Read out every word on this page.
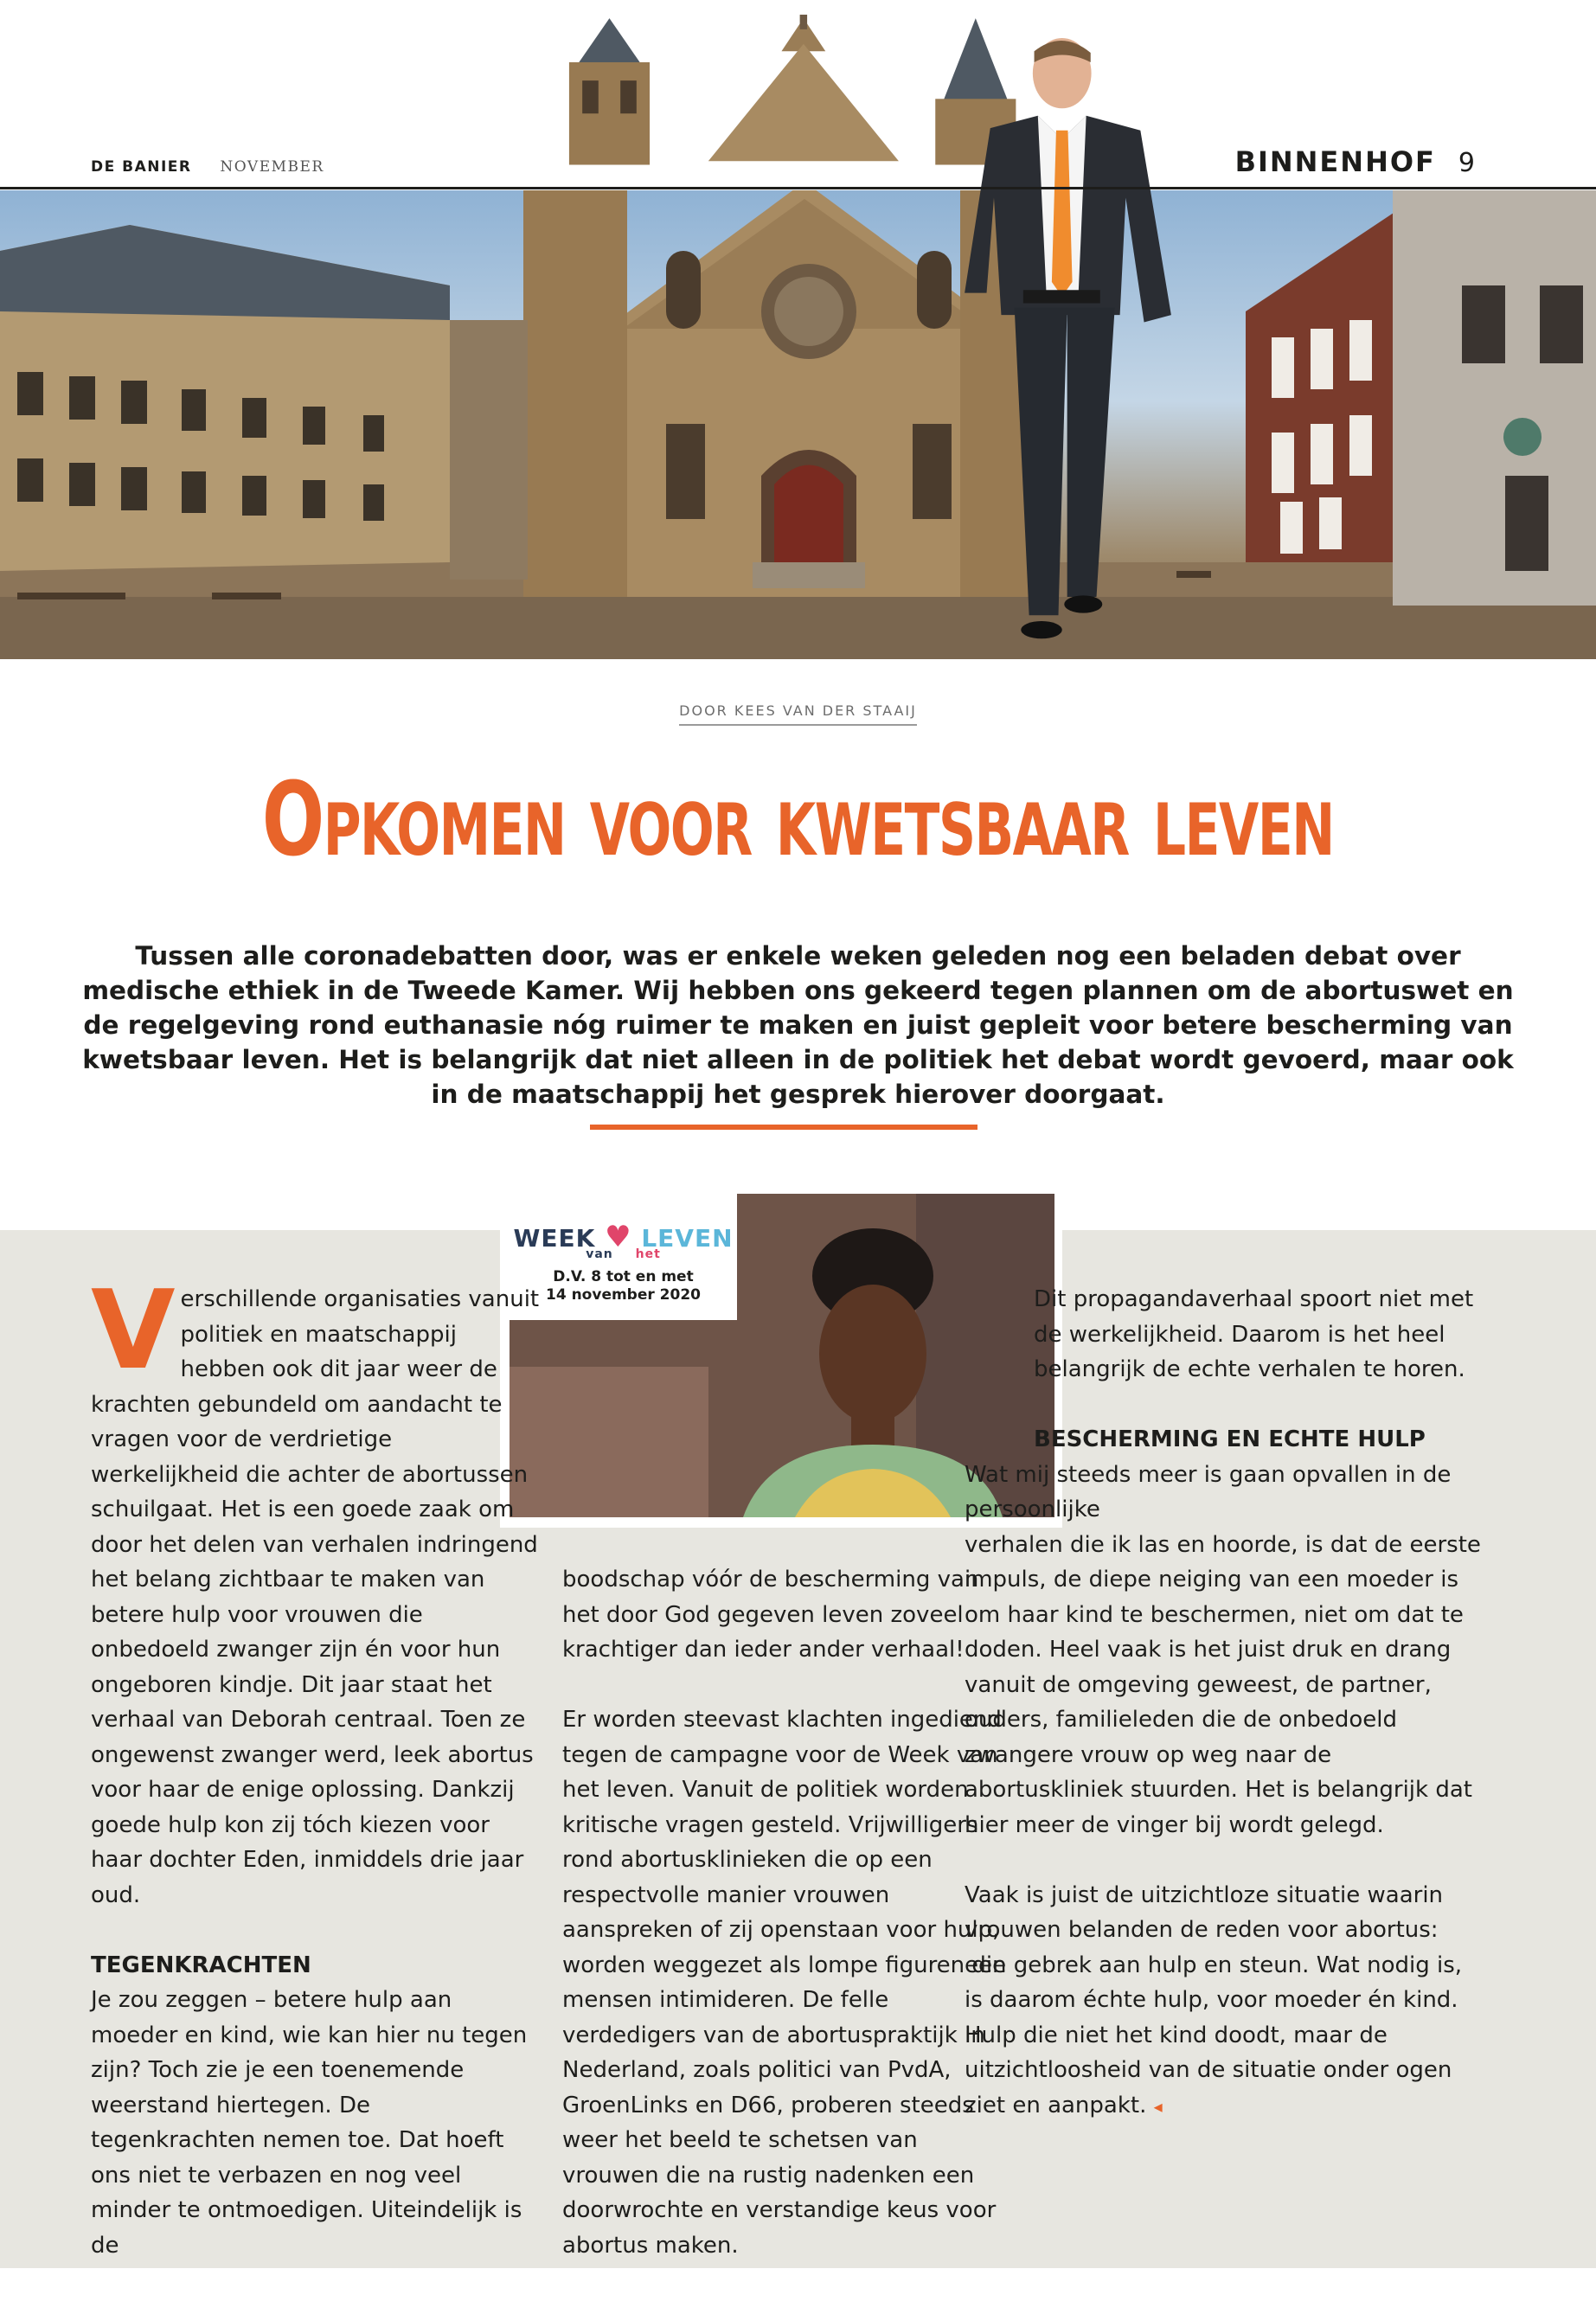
DE BANIER NOVEMBER	BINNENHOF 9
DOOR KEES VAN DER STAAIJ
Opkomen voor kwetsbaar leven

Tussen alle coronadebatten door, was er enkele weken geleden nog een beladen debat over medische ethiek in de Tweede Kamer. Wij hebben ons gekeerd tegen plannen om de abortuswet en de regelgeving rond euthanasie nóg ruimer te maken en juist gepleit voor betere bescherming van kwetsbaar leven. Het is belangrijk dat niet alleen in de politiek het debat wordt gevoerd, maar ook in de maatschappij het gesprek hierover doorgaat.

WEEK ♥ LEVEN
van het
D.V. 8 tot en met
14 november 2020

Verschillende organisaties vanuit politiek en maatschappij hebben ook dit jaar weer de krachten gebundeld om aandacht te vragen voor de verdrietige werkelijkheid die achter de abortussen schuilgaat. Het is een goede zaak om door het delen van verhalen indringend het belang zichtbaar te maken van betere hulp voor vrouwen die onbedoeld zwanger zijn én voor hun ongeboren kindje. Dit jaar staat het verhaal van Deborah centraal. Toen ze ongewenst zwanger werd, leek abortus voor haar de enige oplossing. Dankzij goede hulp kon zij tóch kiezen voor haar dochter Eden, inmiddels drie jaar oud.

TEGENKRACHTEN

Je zou zeggen – betere hulp aan moeder en kind, wie kan hier nu tegen zijn? Toch zie je een toenemende weerstand hiertegen. De tegenkrachten nemen toe. Dat hoeft ons niet te verbazen en nog veel minder te ontmoedigen. Uiteindelijk is de

boodschap vóór de bescherming van het door God gegeven leven zoveel krachtiger dan ieder ander verhaal!

Er worden steevast klachten ingediend tegen de campagne voor de Week van het leven. Vanuit de politiek worden kritische vragen gesteld. Vrijwilligers rond abortusklinieken die op een respectvolle manier vrouwen aanspreken of zij openstaan voor hulp, worden weggezet als lompe figuren die mensen intimideren. De felle verdedigers van de abortuspraktijk in Nederland, zoals politici van PvdA, GroenLinks en D66, proberen steeds weer het beeld te schetsen van vrouwen die na rustig nadenken een doorwrochte en verstandige keus voor abortus maken.

Dit propagandaverhaal spoort niet met de werkelijkheid. Daarom is het heel belangrijk de echte verhalen te horen.

BESCHERMING EN ECHTE HULP
Wat mij steeds meer is gaan opvallen in de persoonlijke
verhalen die ik las en hoorde, is dat de eerste impuls, de diepe neiging van een moeder is om haar kind te beschermen, niet om dat te doden. Heel vaak is het juist druk en drang vanuit de omgeving geweest, de partner, ouders, familieleden die de onbedoeld zwangere vrouw op weg naar de abortuskliniek stuurden. Het is belangrijk dat hier meer de vinger bij wordt gelegd.

Vaak is juist de uitzichtloze situatie waarin vrouwen belanden de reden voor abortus: een gebrek aan hulp en steun. Wat nodig is, is daarom échte hulp, voor moeder én kind. Hulp die niet het kind doodt, maar de uitzichtloosheid van de situatie onder ogen ziet en aanpakt. ◂
